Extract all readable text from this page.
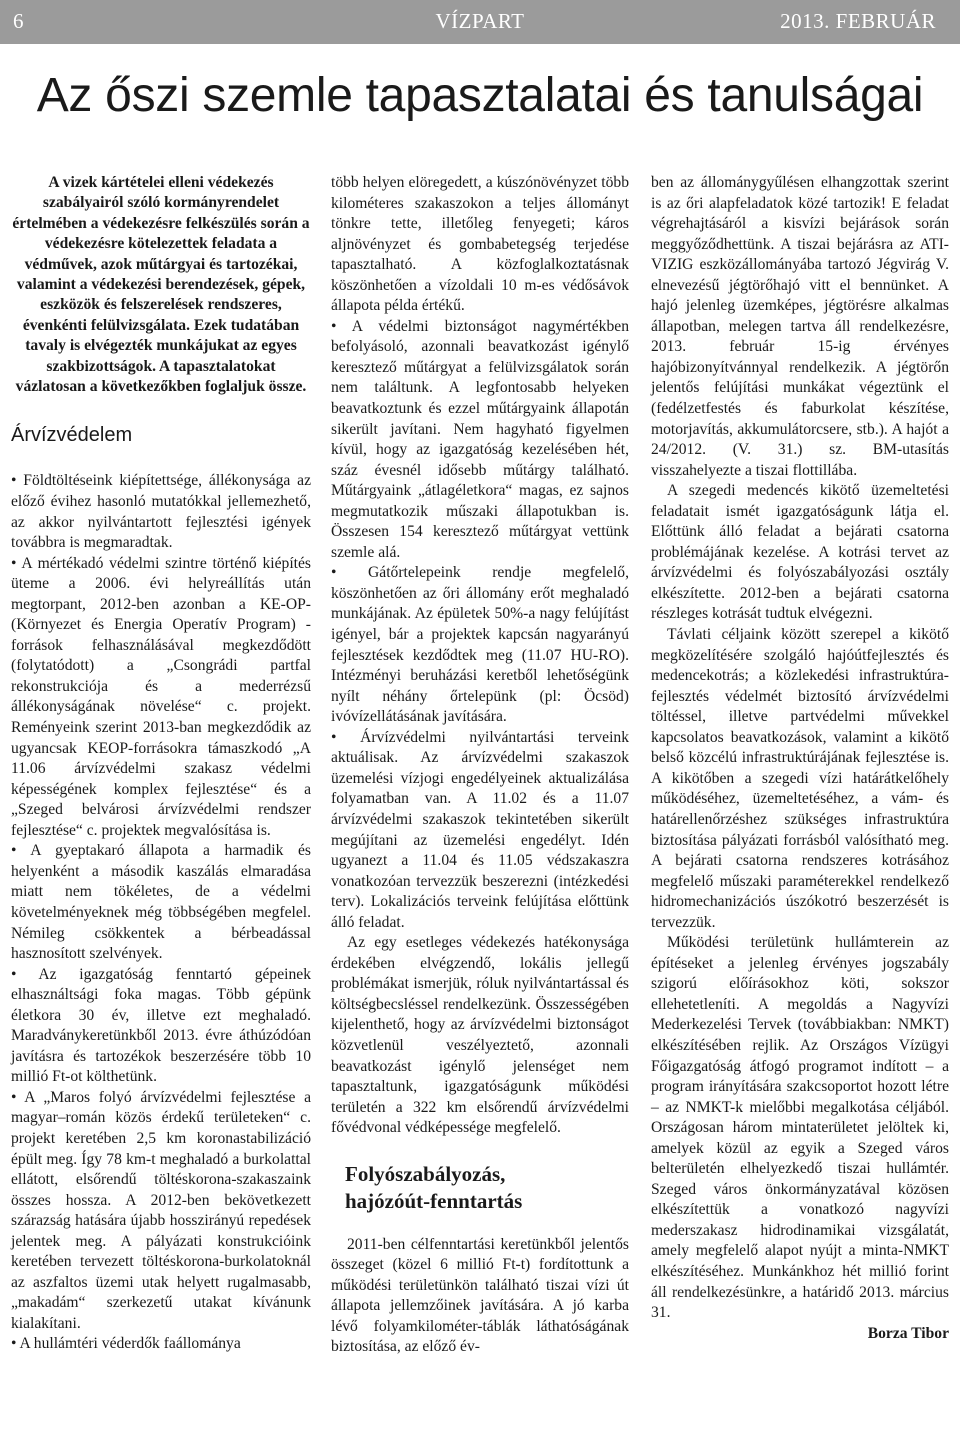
6	VÍZPART	2013. FEBRUÁR
Az őszi szemle tapasztalatai és tanulságai

A vizek kártételei elleni védekezés szabályairól szóló kormányrendelet értelmében a védekezésre felkészülés során a védekezésre kötelezettek feladata a védművek, azok műtárgyai és tartozékai, valamint a védekezési berendezések, gépek, eszközök és felszerelések rendszeres, évenkénti felülvizsgálata. Ezek tudatában tavaly is elvégezték munkájukat az egyes szakbizottságok. A tapasztalatokat vázlatosan a következőkben foglaljuk össze.

Árvízvédelem

• Földtöltéseink kiépítettsége, állékonysága az előző évihez hasonló mutatókkal jellemezhető, az akkor nyilvántartott fejlesztési igények továbbra is megmaradtak.

• A mértékadó védelmi szintre történő kiépítés üteme a 2006. évi helyreállítás után megtorpant, 2012-ben azonban a KE-OP- (Környezet és Energia Operatív Program) -források felhasználásával megkezdődött (folytatódott) a „Csongrádi partfal rekonstrukciója és a mederrézsű állékonyságának növelése“ c. projekt. Reményeink szerint 2013-ban megkezdődik az ugyancsak KEOP-forrásokra támaszkodó „A 11.06 árvízvédelmi szakasz védelmi képességének komplex fejlesztése“ és a „Szeged belvárosi árvízvédelmi rendszer fejlesztése“ c. projektek megvalósítása is.

• A gyeptakaró állapota a harmadik és helyenként a második kaszálás elmaradása miatt nem tökéletes, de a védelmi követelményeknek még többségében megfelel. Némileg csökkentek a bérbeadással hasznosított szelvények.

• Az igazgatóság fenntartó gépeinek elhasználtsági foka magas. Több gépünk életkora 30 év, illetve ezt meghaladó. Maradványkeretünkből 2013. évre áthúzódóan javításra és tartozékok beszerzésére több 10 millió Ft-ot költhetünk.

• A „Maros folyó árvízvédelmi fejlesztése a magyar–román közös érdekű területeken“ c. projekt keretében 2,5 km koronastabilizáció épült meg. Így 78 km-t meghaladó a burkolattal ellátott, elsőrendű töltéskorona-szakaszaink összes hossza. A 2012-ben bekövetkezett szárazság hatására újabb hosszirányú repedések jelentek meg. A pályázati konstrukcióink keretében tervezett töltéskorona-burkolatoknál az aszfaltos üzemi utak helyett rugalmasabb, „makadám“ szerkezetű utakat kívánunk kialakítani.

• A hullámtéri véderdők faállománya

több helyen elöregedett, a kúszónövényzet több kilométeres szakaszokon a teljes állományt tönkre tette, illetőleg fenyegeti; káros aljnövényzet és gombabetegség terjedése tapasztalható. A közfoglalkoztatásnak köszönhetően a vízoldali 10 m-es védősávok állapota példa értékű.

• A védelmi biztonságot nagymértékben befolyásoló, azonnali beavatkozást igénylő keresztező műtárgyat a felülvizsgálatok során nem találtunk. A legfontosabb helyeken beavatkoztunk és ezzel műtárgyaink állapotán sikerült javítani. Nem hagyható figyelmen kívül, hogy az igazgatóság kezelésében hét, száz évesnél idősebb műtárgy található. Műtárgyaink „átlagéletkora“ magas, ez sajnos megmutatkozik műszaki állapotukban is. Összesen 154 keresztező műtárgyat vettünk szemle alá.

• Gátőrtelepeink rendje megfelelő, köszönhetően az őri állomány erőt meghaladó munkájának. Az épületek 50%-a nagy felújítást igényel, bár a projektek kapcsán nagyarányú fejlesztések kezdődtek meg (11.07 HU-RO). Intézményi beruházási keretből lehetőségünk nyílt néhány őrtelepünk (pl: Öcsöd) ivóvízellátásának javítására.

• Árvízvédelmi nyilvántartási terveink aktuálisak. Az árvízvédelmi szakaszok üzemelési vízjogi engedélyeinek aktualizálása folyamatban van. A 11.02 és a 11.07 árvízvédelmi szakaszok tekintetében sikerült megújítani az üzemelési engedélyt. Idén ugyanezt a 11.04 és 11.05 védszakaszra vonatkozóan tervezzük beszerezni (intézkedési terv). Lokalizációs terveink felújítása előttünk álló feladat.

Az egy esetleges védekezés hatékonysága érdekében elvégzendő, lokális jellegű problémákat ismerjük, róluk nyilvántartással és költségbecsléssel rendelkezünk. Összességében kijelenthető, hogy az árvízvédelmi biztonságot közvetlenül veszélyeztető, azonnali beavatkozást igénylő jelenséget nem tapasztaltunk, igazgatóságunk működési területén a 322 km elsőrendű árvízvédelmi fővédvonal védképessége megfelelő.

Folyószabályozás,
hajózóút-fenntartás

2011-ben célfenntartási keretünkből jelentős összeget (közel 6 millió Ft-t) fordítottunk a működési területünkön található tiszai vízi út állapota jellemzőinek javítására. A jó karba lévő folyamkilométer-táblák láthatóságának biztosítása, az előző év-

ben az állománygyűlésen elhangzottak szerint is az őri alapfeladatok közé tartozik! E feladat végrehajtásáról a kisvízi bejárások során meggyőződhettünk. A tiszai bejárásra az ATI-VIZIG eszközállományába tartozó Jégvirág V. elnevezésű jégtörőhajó vitt el bennünket. A hajó jelenleg üzemképes, jégtörésre alkalmas állapotban, melegen tartva áll rendelkezésre, 2013. február 15-ig érvényes hajóbizonyítvánnyal rendelkezik. A jégtörőn jelentős felújítási munkákat végeztünk el (fedélzetfestés és faburkolat készítése, motorjavítás, akkumulátorcsere, stb.). A hajót a 24/2012. (V. 31.) sz. BM-utasítás visszahelyezte a tiszai flottillába.

A szegedi medencés kikötő üzemeltetési feladatait ismét igazgatóságunk látja el. Előttünk álló feladat a bejárati csatorna problémájának kezelése. A kotrási tervet az árvízvédelmi és folyószabályozási osztály elkészítette. 2012-ben a bejárati csatorna részleges kotrását tudtuk elvégezni.

Távlati céljaink között szerepel a kikötő megközelítésére szolgáló hajóútfejlesztés és medencekotrás; a közlekedési infrastruktúra-fejlesztés védelmét biztosító árvízvédelmi töltéssel, illetve partvédelmi művekkel kapcsolatos beavatkozások, valamint a kikötő belső közcélú infrastruktúrájának fejlesztése is. A kikötőben a szegedi vízi határátkelőhely működéséhez, üzemeltetéséhez, a vám- és határellenőrzéshez szükséges infrastruktúra biztosítása pályázati forrásból valósítható meg. A bejárati csatorna rendszeres kotrásához megfelelő műszaki paraméterekkel rendelkező hidromechanizációs úszókotró beszerzését is tervezzük.

Működési területünk hullámterein az építéseket a jelenleg érvényes jogszabály szigorú előírásokhoz köti, sokszor ellehetetleníti. A megoldás a Nagyvízi Mederkezelési Tervek (továbbiakban: NMKT) elkészítésében rejlik. Az Országos Vízügyi Főigazgatóság átfogó programot indított – a program irányítására szakcsoportot hozott létre – az NMKT-k mielőbbi megalkotása céljából. Országosan három mintaterületet jelöltek ki, amelyek közül az egyik a Szeged város belterületén elhelyezkedő tiszai hullámtér. Szeged város önkormányzatával közösen elkészítettük a vonatkozó nagyvízi mederszakasz hidrodinamikai vizsgálatát, amely megfelelő alapot nyújt a minta-NMKT elkészítéséhez. Munkánkhoz hét millió forint áll rendelkezésünkre, a határidő 2013. március 31.

Borza Tibor
